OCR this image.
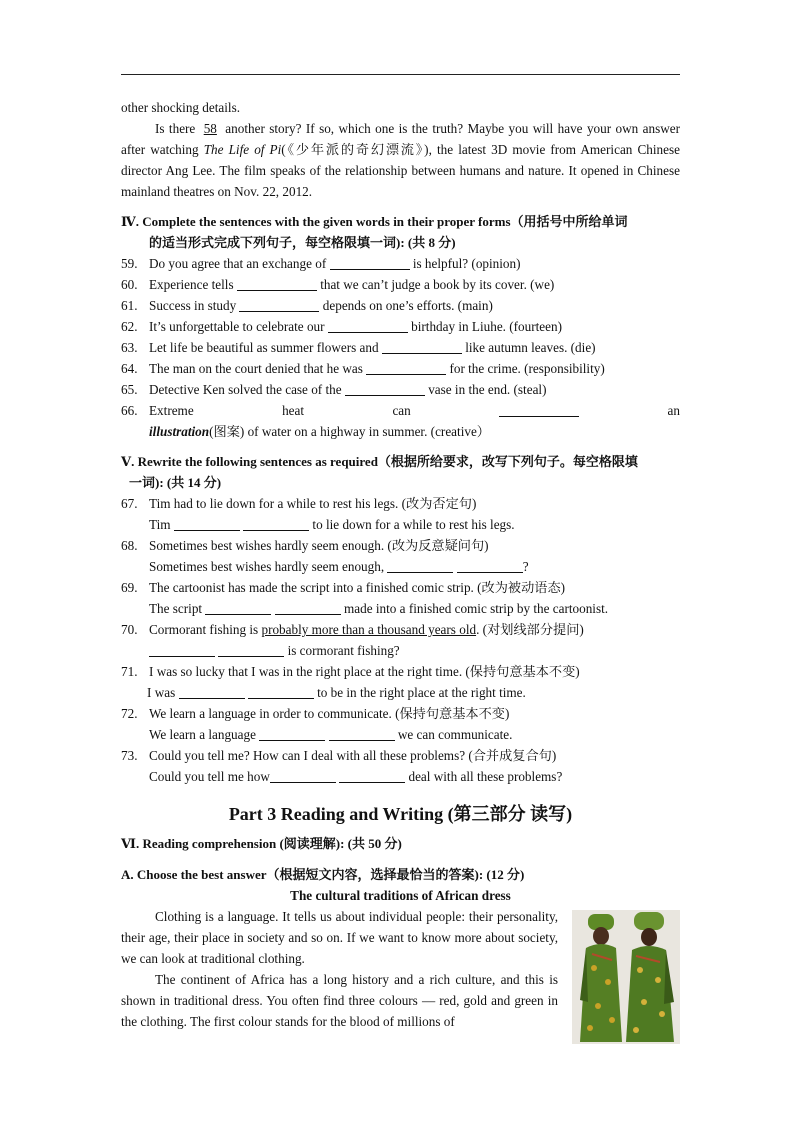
other shocking details.

Is there 58 another story? If so, which one is the truth? Maybe you will have your own answer after watching The Life of Pi(《少年派的奇幻漂流》), the latest 3D movie from American Chinese director Ang Lee. The film speaks of the relationship between humans and nature. It opened in Chinese mainland theatres on Nov. 22, 2012.

Ⅳ. Complete the sentences with the given words in their proper forms（用括号中所给单词
的适当形式完成下列句子，每空格限填一词): (共 8 分)
59. Do you agree that an exchange of	is helpful? (opinion)
60. Experience tells	that we can’t judge a book by its cover. (we)
61. Success in study	depends on one’s efforts. (main)
62. It’s unforgettable to celebrate our	birthday in Liuhe. (fourteen)
63. Let life be beautiful as summer flowers and	like autumn leaves. (die)
64. The man on the court denied that he was	for the crime. (responsibility)
65. Detective Ken solved the case of the	vase in the end. (steal)
66. Extreme heat can	an illustration(图案) of water on a highway in summer. (creative）
Ⅴ. Rewrite the following sentences as required（根据所给要求，改写下列句子。每空格限填
一词): (共 14 分)
67. Tim had to lie down for a while to rest his legs. (改为否定句)
Tim	to lie down for a while to rest his legs.
68. Sometimes best wishes hardly seem enough. (改为反意疑问句)
Sometimes best wishes hardly seem enough,	?
69. The cartoonist has made the script into a finished comic strip. (改为被动语态)
The script	made into a finished comic strip by the cartoonist.
70. Cormorant fishing is probably more than a thousand years old. (对划线部分提问)
is cormorant fishing?
71. I was so lucky that I was in the right place at the right time. (保持句意基本不变)
I was	to be in the right place at the right time.
72. We learn a language in order to communicate. (保持句意基本不变)
We learn a language	we can communicate.
73. Could you tell me? How can I deal with all these problems? (合并成复合句)
Could you tell me how	deal with all these problems?
Part 3 Reading and Writing (第三部分 读写)
Ⅵ. Reading comprehension (阅读理解): (共 50 分)
A. Choose the best answer（根据短文内容，选择最恰当的答案): (12 分)
The cultural traditions of African dress

Clothing is a language. It tells us about individual people: their personality, their age, their place in society and so on. If we want to know more about society, we can look at traditional clothing.

The continent of Africa has a long history and a rich culture, and this is shown in traditional dress. You often find three colours — red, gold and green in the clothing. The first colour stands for the blood of millions of
